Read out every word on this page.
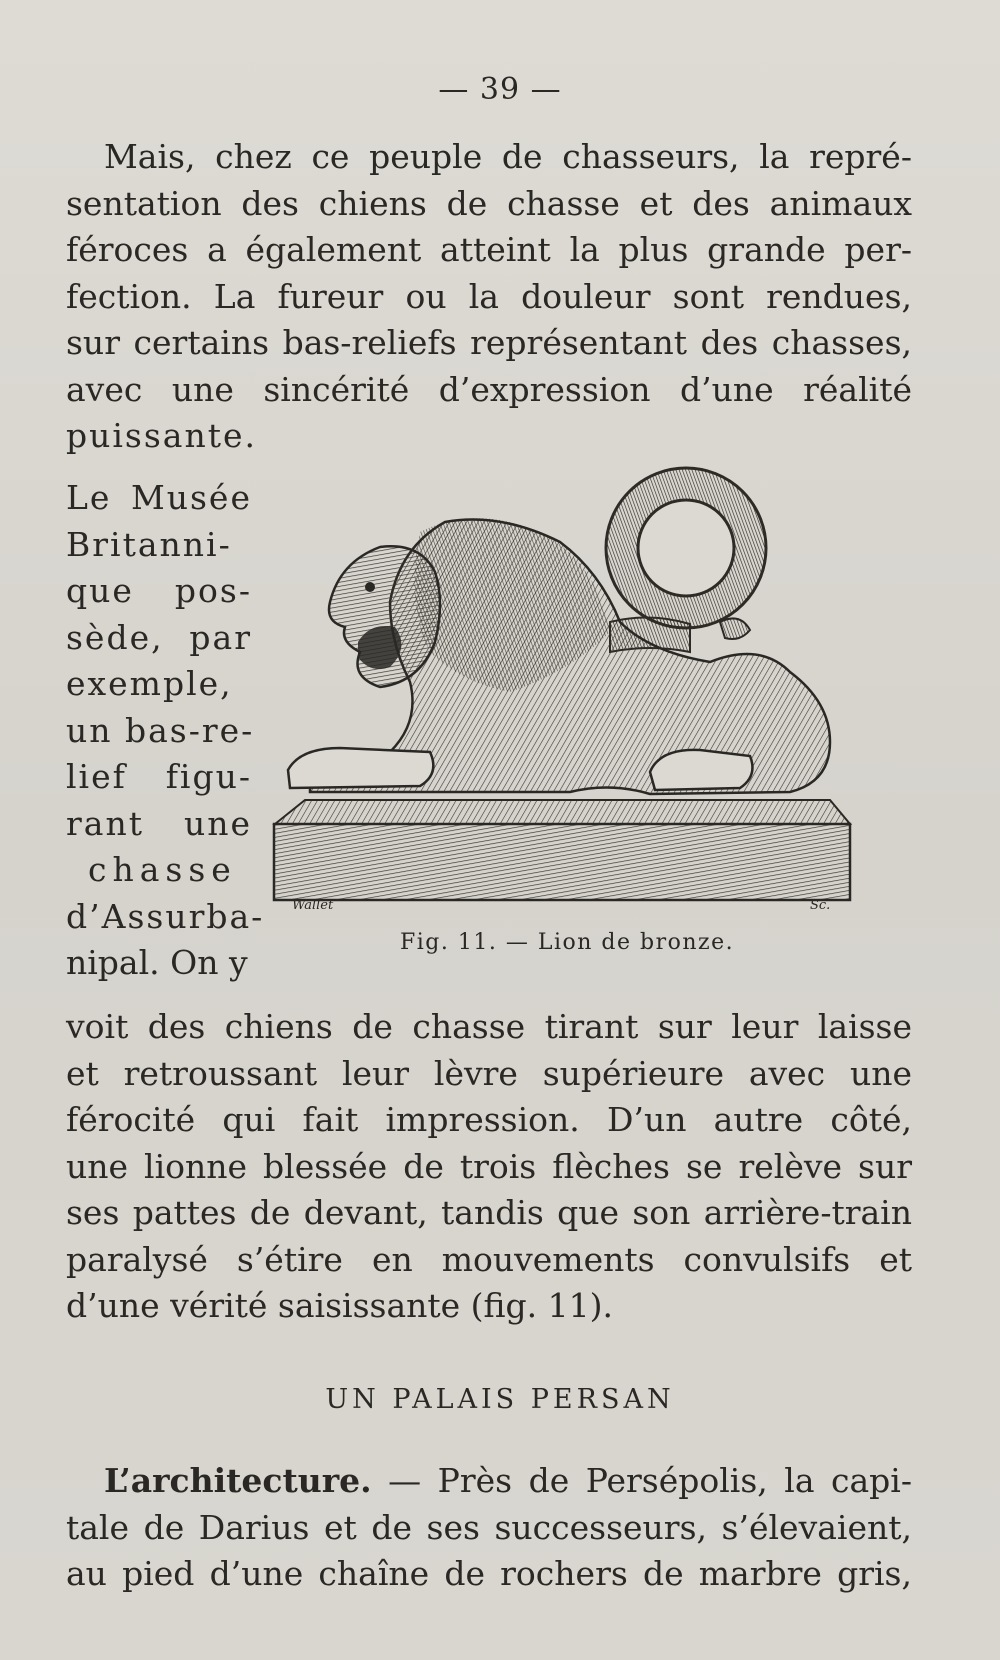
— 39 —
Mais, chez ce peuple de chasseurs, la repré-
sentation des chiens de chasse et des animaux
féroces a également atteint la plus grande per-
fection. La fureur ou la douleur sont rendues,
sur certains bas-reliefs représentant des chasses,
avec une sincérité d’expression d’une réalité
puissante.
Le Musée
Britanni-
que pos-
sède, par
exemple,
un bas-re-
lief figu-
rant une
chasse
d’Assurba-
nipal. On y
Wallet	Sc.
Fig. 11. — Lion de bronze.
voit des chiens de chasse tirant sur leur laisse
et retroussant leur lèvre supérieure avec une
férocité qui fait impression. D’un autre côté,
une lionne blessée de trois flèches se relève sur
ses pattes de devant, tandis que son arrière-train
paralysé s’étire en mouvements convulsifs et
d’une vérité saisissante (fig. 11).
UN PALAIS PERSAN
L’architecture. — Près de Persépolis, la capi-
tale de Darius et de ses successeurs, s’élevaient,
au pied d’une chaîne de rochers de marbre gris,
